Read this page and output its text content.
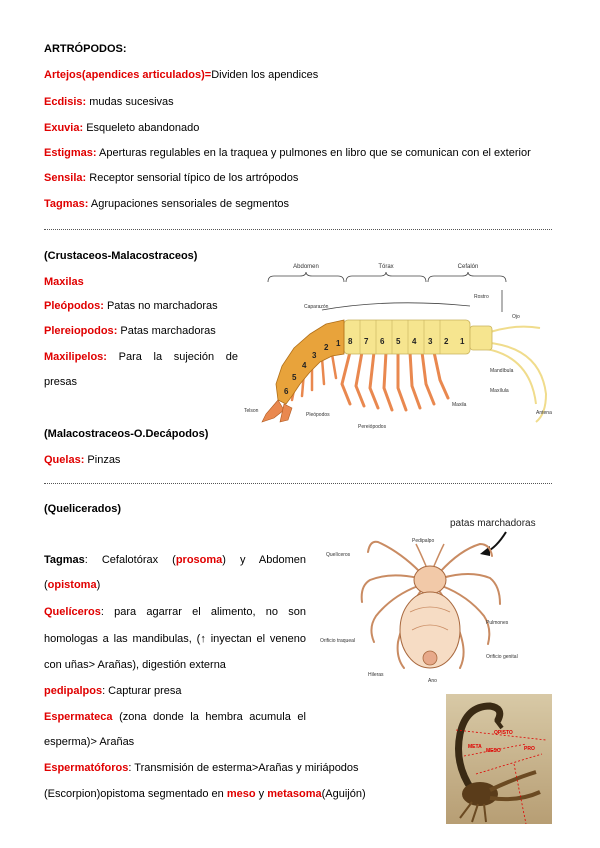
ARTRÓPODOS:
Artejos(apendices articulados)=Dividen los apendices
Ecdisis: mudas sucesivas
Exuvia: Esqueleto abandonado
Estigmas: Aperturas regulables en la traquea y pulmones en libro que se comunican con el exterior
Sensila: Receptor sensorial típico de los artrópodos
Tagmas: Agrupaciones sensoriales de segmentos
(Crustaceos-Malacostraceos)
Maxilas
Pleópodos: Patas no marchadoras
Plereiopodos: Patas marchadoras
Maxilipelos: Para la sujeción de
presas
Abdomen	Tórax	Cefalón
Caparazón
Rostro
Ojo
1
2
3
4
5
6
8 7 6 5 4 3 2 1
Mandíbula
Maxílula
Maxila
Antena
Telson
Pleópodos
Pereiópodos
(Malacostraceos-O.Decápodos)
Quelas: Pinzas
(Quelicerados)
Tagmas: Cefalotórax (prosoma) y Abdomen
(opistoma)
Quelíceros: para agarrar el alimento, no son
homologas a las mandibulas, (↑ inyectan el veneno
con uñas> Arañas), digestión externa
pedipalpos: Capturar presa
Espermateca (zona donde la hembra acumula el
esperma)> Arañas
Espermatóforos: Transmisión de esterma>Arañas y miriápodos
(Escorpion)opistoma segmentado en meso y metasoma(Aguijón)
patas marchadoras
Quelíceros
Pedipalpo
Pulmones
Orificio traqueal
Orificio genital
Hileras
Ano
OPISTO
META
MESO	PRO
